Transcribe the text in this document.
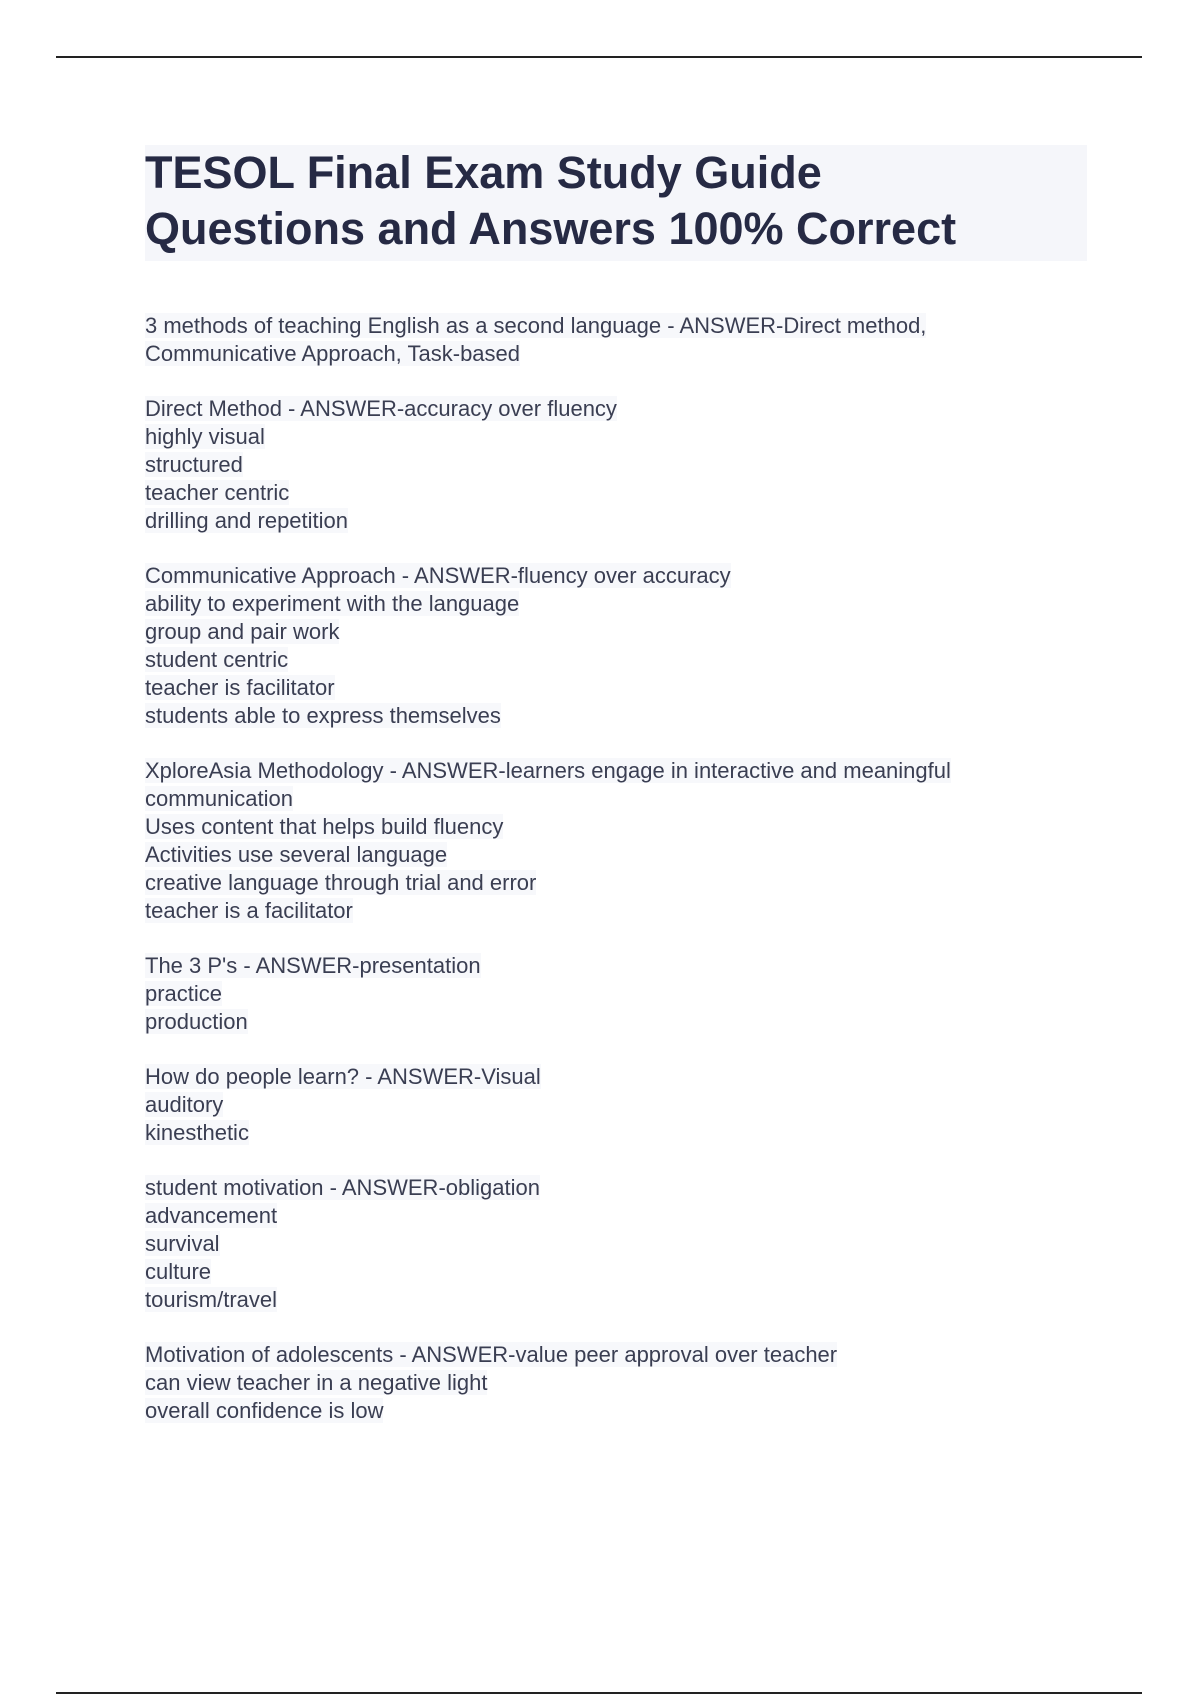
TESOL Final Exam Study Guide
Questions and Answers 100% Correct
3 methods of teaching English as a second language - ANSWER-Direct method,
Communicative Approach, Task-based
Direct Method - ANSWER-accuracy over fluency
highly visual
structured
teacher centric
drilling and repetition
Communicative Approach - ANSWER-fluency over accuracy
ability to experiment with the language
group and pair work
student centric
teacher is facilitator
students able to express themselves
XploreAsia Methodology - ANSWER-learners engage in interactive and meaningful
communication
Uses content that helps build fluency
Activities use several language
creative language through trial and error
teacher is a facilitator
The 3 P's - ANSWER-presentation
practice
production
How do people learn? - ANSWER-Visual
auditory
kinesthetic
student motivation - ANSWER-obligation
advancement
survival
culture
tourism/travel
Motivation of adolescents - ANSWER-value peer approval over teacher
can view teacher in a negative light
overall confidence is low
